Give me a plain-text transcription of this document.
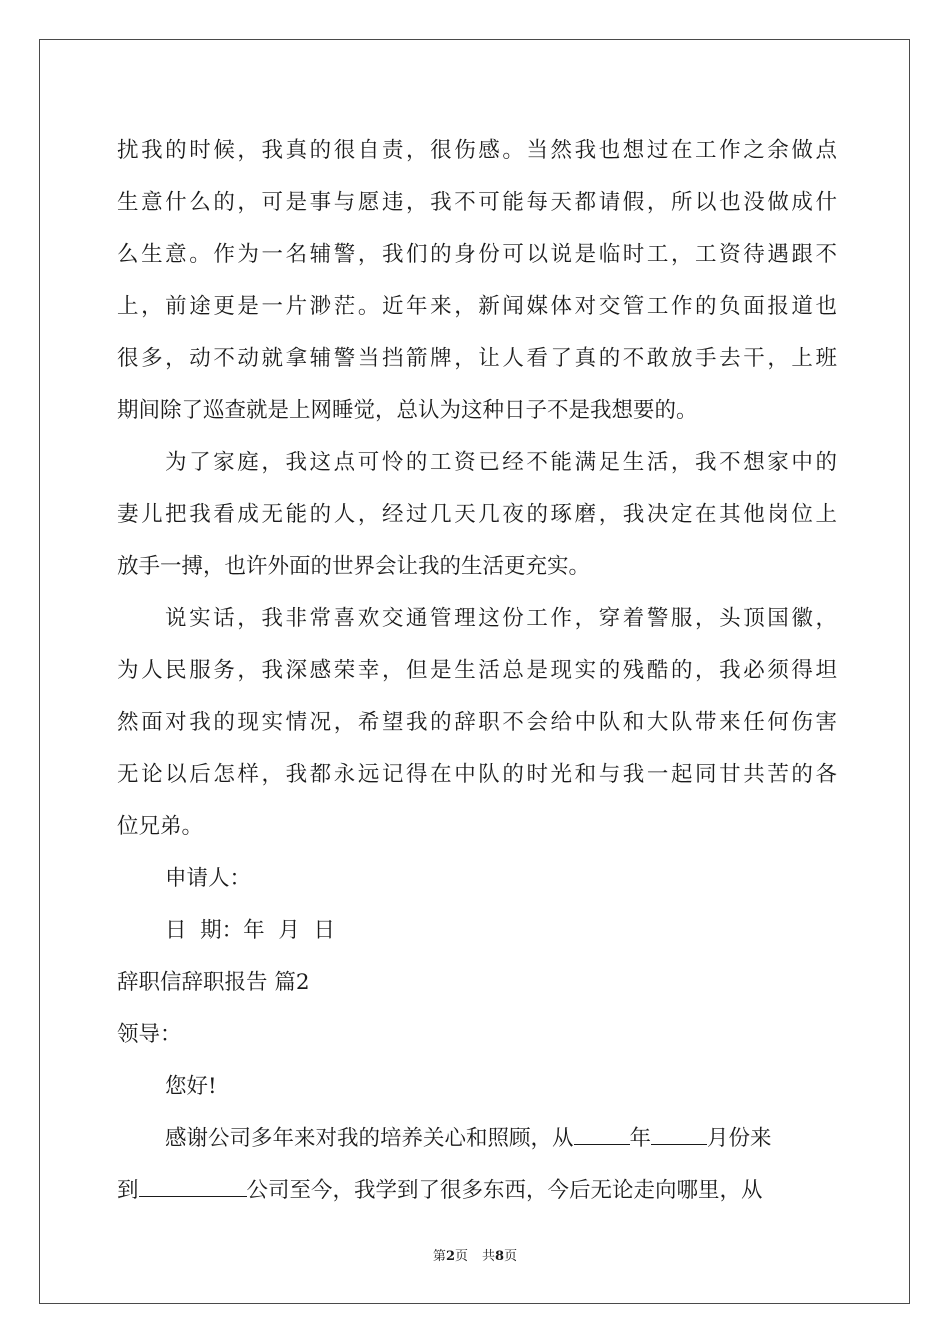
扰我的时候，我真的很自责，很伤感。当然我也想过在工作之余做点
生意什么的，可是事与愿违，我不可能每天都请假，所以也没做成什
么生意。作为一名辅警，我们的身份可以说是临时工，工资待遇跟不
上，前途更是一片渺茫。近年来，新闻媒体对交管工作的负面报道也
很多，动不动就拿辅警当挡箭牌，让人看了真的不敢放手去干，上班
期间除了巡查就是上网睡觉，总认为这种日子不是我想要的。
为了家庭，我这点可怜的工资已经不能满足生活，我不想家中的
妻儿把我看成无能的人，经过几天几夜的琢磨，我决定在其他岗位上
放手一搏，也许外面的世界会让我的生活更充实。
说实话，我非常喜欢交通管理这份工作，穿着警服，头顶国徽，
为人民服务，我深感荣幸，但是生活总是现实的残酷的，我必须得坦
然面对我的现实情况，希望我的辞职不会给中队和大队带来任何伤害
无论以后怎样，我都永远记得在中队的时光和与我一起同甘共苦的各
位兄弟。
申请人：
日  期：年  月  日
辞职信辞职报告 篇2
领导：
您好!
感谢公司多年来对我的培养关心和照顾，从	年	月份来
到	公司至今，我学到了很多东西，今后无论走向哪里，从
第2页 共8页
